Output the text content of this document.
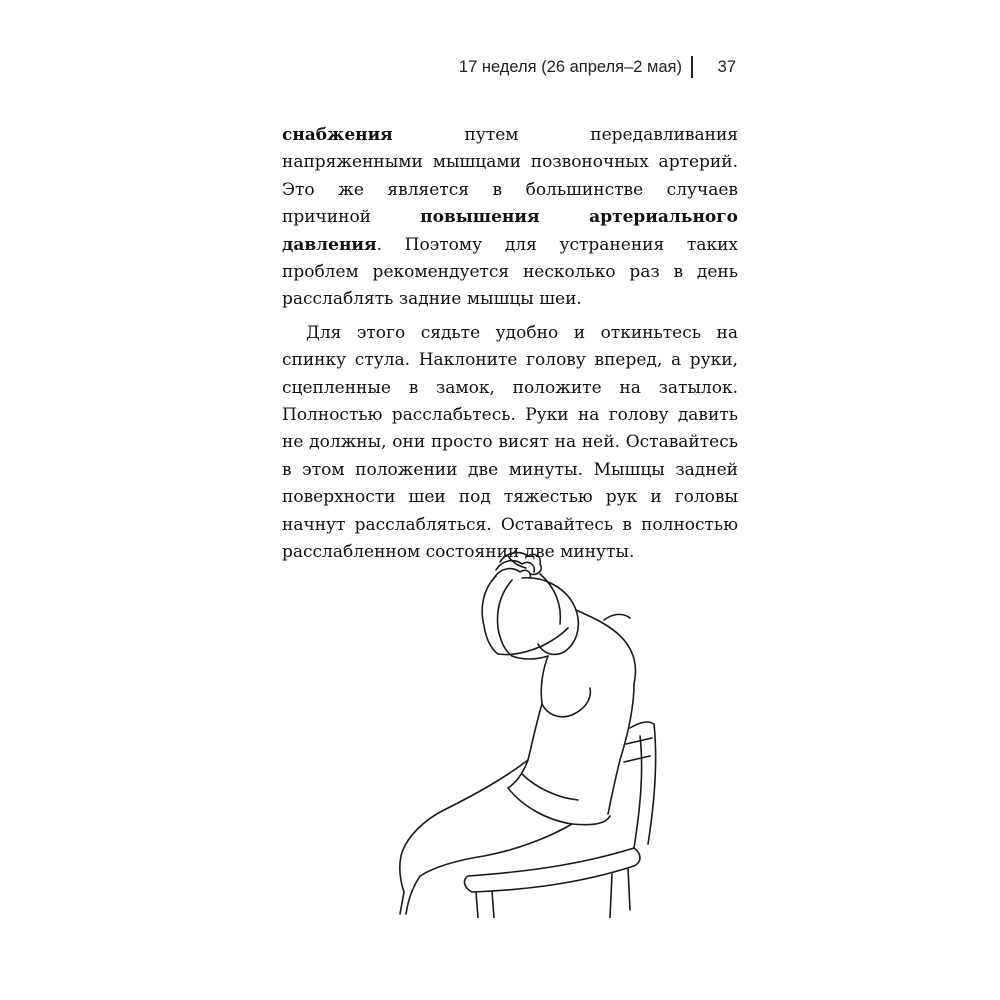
17 неделя (26 апреля–2 мая) 37

снабжения путем передавливания напряженными мышцами позвоночных артерий. Это же является в большинстве случаев причиной повышения артериального давления. Поэтому для устранения таких проблем рекомендуется несколько раз в день расслаблять задние мышцы шеи.

Для этого сядьте удобно и откиньтесь на спинку стула. Наклоните голову вперед, а руки, сцепленные в замок, положите на затылок. Полностью расслабьтесь. Руки на голову давить не должны, они просто висят на ней. Оставайтесь в этом положении две минуты. Мышцы задней поверхности шеи под тяжестью рук и головы начнут расслабляться. Оставайтесь в полностью расслабленном состоянии две минуты.
